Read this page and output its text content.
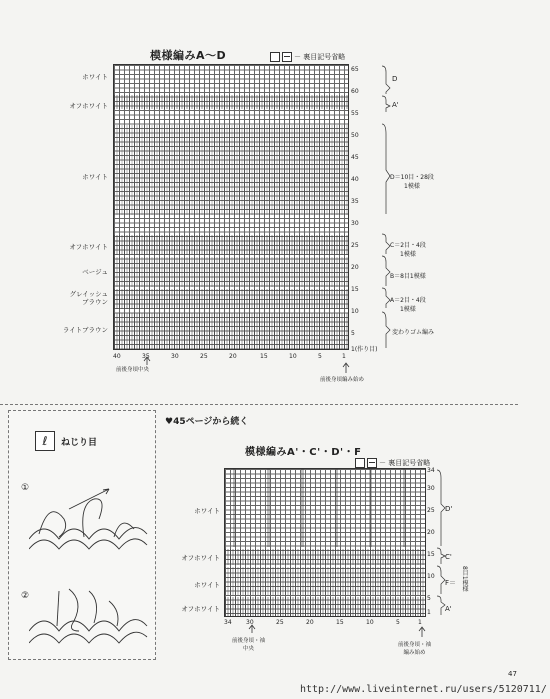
模様編みA〜D	－ 裏目記号省略
ホワイト
オフホワイト
ホワイト
オフホワイト
ベージュ
グレイッシュ
ブラウン
ライトブラウン
65
60
55
50
45
40
35
30
25
20
15
10
5
1(作り目)
40	35	30	25	20	15	10	5	1
D
A'
D＝10目・28段
1模様
C＝2目・4段
1模様
B＝8目1模様
A＝2目・4段
1模様
変わりゴム編み
前後身頃中央
前後身頃編み始め
ℓ	ねじり目
①
②
♥45ページから続く
模様編みA'・C'・D'・F
－ 裏目記号省略
ホワイト
オフホワイト
ホワイト
オフホワイト
34
30
25
20
15
10
5
1
34 30	25	20	15	10	5	1
D'
C'
F＝
8目1模様
A'
前後身頃・袖
中央
前後身頃・袖
編み始め
47
http://www.liveinternet.ru/users/5120711/
